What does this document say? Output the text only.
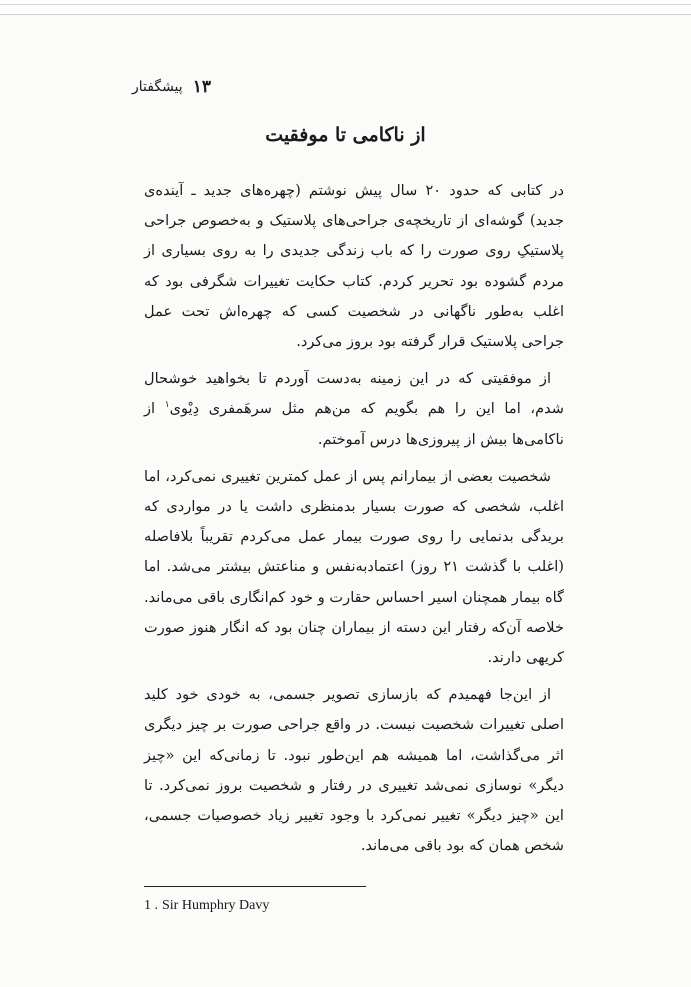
۱۳
پیشگفتار
از ناکامی تا موفقیت

در کتابی که حدود ۲۰ سال پیش نوشتم (چهره‌های جدید ـ آینده‌ی جدید) گوشه‌ای از تاریخچه‌ی جراحی‌های پلاستیک و به‌خصوص جراحی پلاستیکِ روی صورت را که باب زندگی جدیدی را به روی بسیاری از مردم گشوده بود تحریر کردم. کتاب حکایت تغییرات شگرفی بود که اغلب به‌طور ناگهانی در شخصیت کسی که چهره‌اش تحت عمل جراحی پلاستیک قرار گرفته بود بروز می‌کرد.

از موفقیتی که در این زمینه به‌دست آوردم تا بخواهید خوشحال شدم، اما این را هم بگویم که من‌هم مثل سرهَمفری دِیْوی$^۱$ از ناکامی‌ها بیش از پیروزی‌ها درس آموختم.

شخصیت بعضی از بیمارانم پس از عمل کمترین تغییری نمی‌کرد، اما اغلب، شخصی که صورت بسیار بدمنظری داشت یا در مواردی که بریدگی بدنمایی را روی صورت بیمار عمل می‌کردم تقریباً بلافاصله (اغلب با گذشت ۲۱ روز) اعتمادبه‌نفس و مناعتش بیشتر می‌شد. اما گاه بیمار همچنان اسیر احساس حقارت و خود کم‌انگاری باقی می‌ماند. خلاصه آن‌که رفتار این دسته از بیماران چنان بود که انگار هنوز صورت کریهی دارند.

از این‌جا فهمیدم که بازسازی تصویر جسمی، به خودی خود کلید اصلی تغییرات شخصیت نیست. در واقع جراحی صورت بر چیز دیگری اثر می‌گذاشت، اما همیشه هم این‌طور نبود. تا زمانی‌که این «چیز دیگر» نوسازی نمی‌شد تغییری در رفتار و شخصیت بروز نمی‌کرد. تا این «چیز دیگر» تغییر نمی‌کرد با وجود تغییر زیاد خصوصیات جسمی، شخص همان که بود باقی می‌ماند.

1 . Sir Humphry Davy
